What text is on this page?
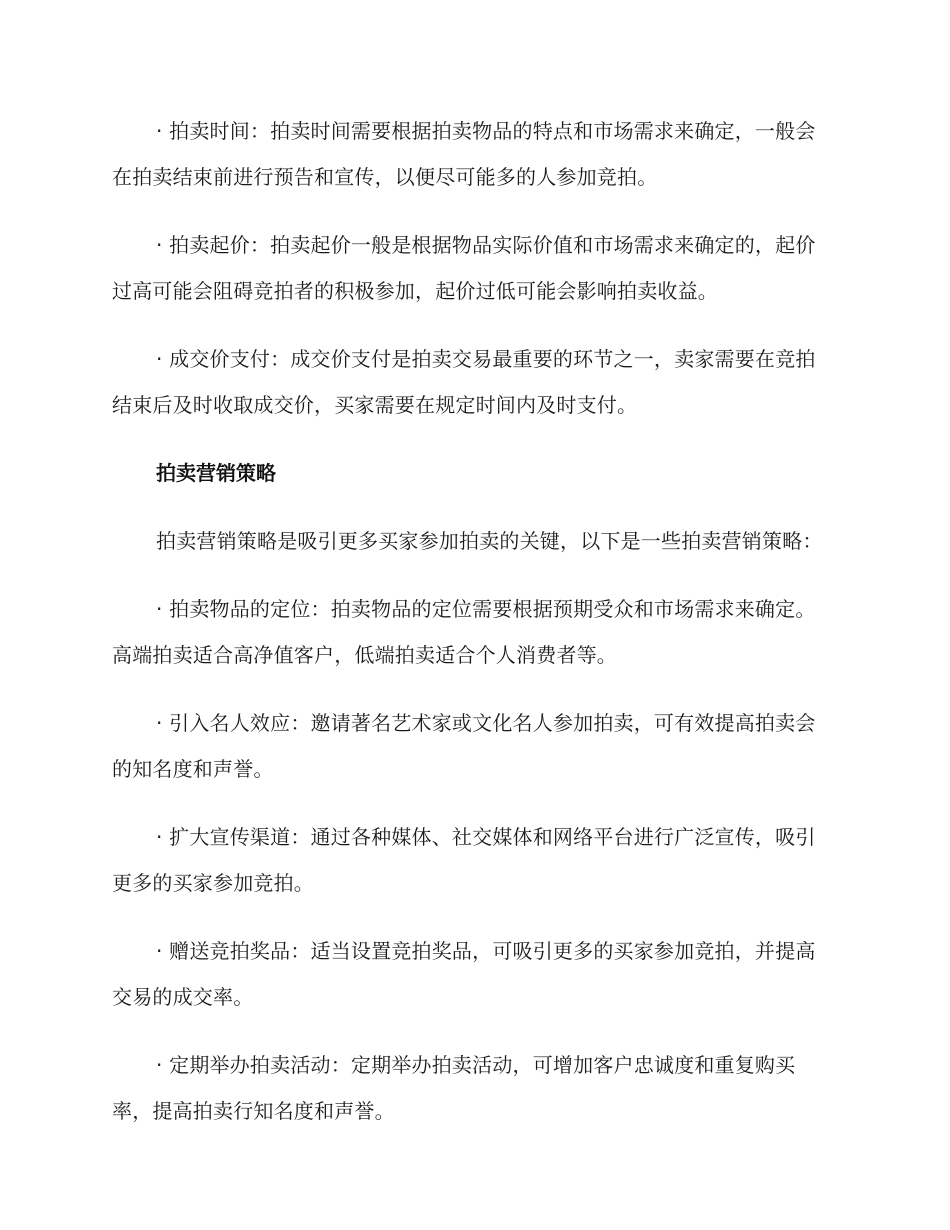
· 拍卖时间：拍卖时间需要根据拍卖物品的特点和市场需求来确定，一般会在拍卖结束前进行预告和宣传，以便尽可能多的人参加竞拍。

· 拍卖起价：拍卖起价一般是根据物品实际价值和市场需求来确定的，起价过高可能会阻碍竞拍者的积极参加，起价过低可能会影响拍卖收益。

· 成交价支付：成交价支付是拍卖交易最重要的环节之一，卖家需要在竞拍结束后及时收取成交价，买家需要在规定时间内及时支付。

拍卖营销策略

拍卖营销策略是吸引更多买家参加拍卖的关键，以下是一些拍卖营销策略：

· 拍卖物品的定位：拍卖物品的定位需要根据预期受众和市场需求来确定。高端拍卖适合高净值客户，低端拍卖适合个人消费者等。

· 引入名人效应：邀请著名艺术家或文化名人参加拍卖，可有效提高拍卖会的知名度和声誉。

· 扩大宣传渠道：通过各种媒体、社交媒体和网络平台进行广泛宣传，吸引更多的买家参加竞拍。

· 赠送竞拍奖品：适当设置竞拍奖品，可吸引更多的买家参加竞拍，并提高交易的成交率。

· 定期举办拍卖活动：定期举办拍卖活动，可增加客户忠诚度和重复购买率，提高拍卖行知名度和声誉。
